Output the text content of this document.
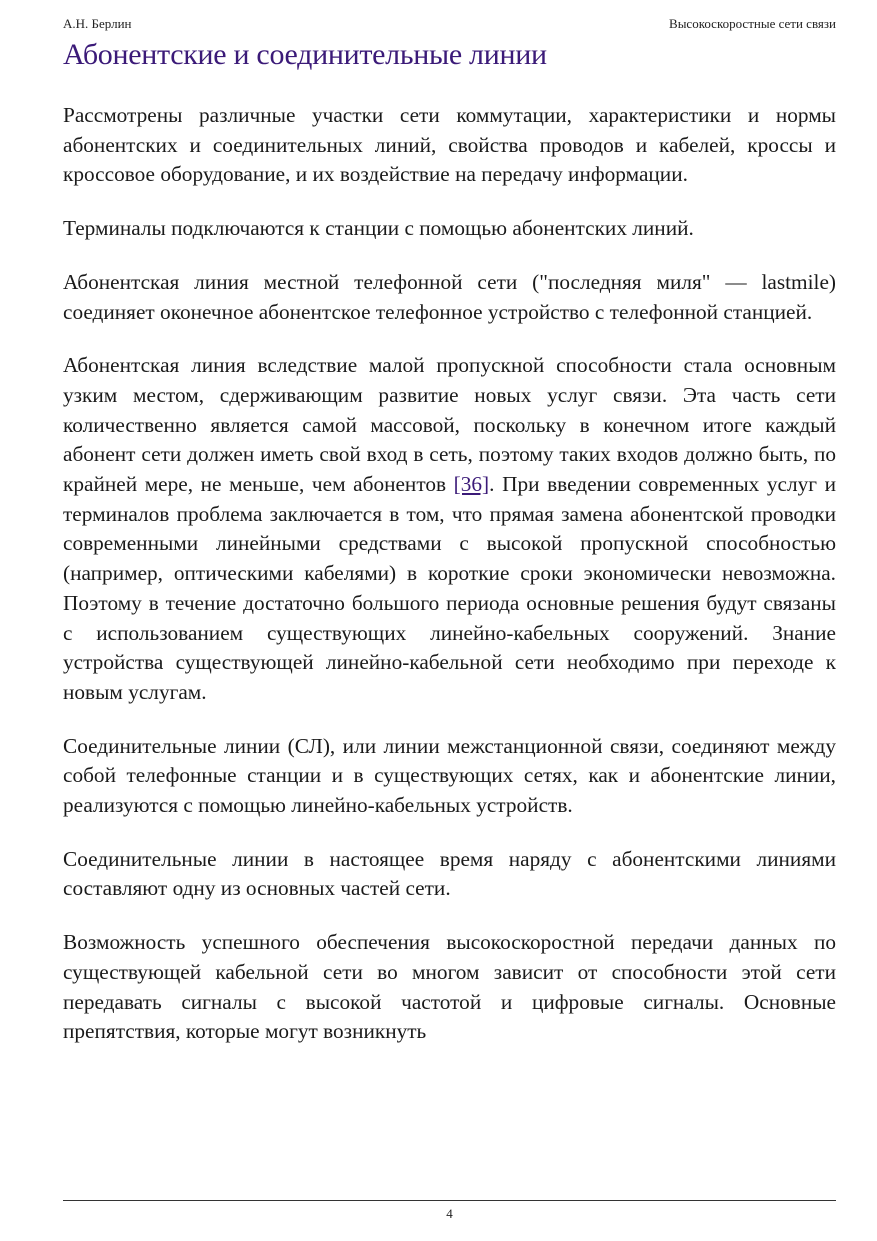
А.Н. Берлин	Высокоскоростные сети связи
Абонентские и соединительные линии

Рассмотрены различные участки сети коммутации, характеристики и нормы абонентских и соединительных линий, свойства проводов и кабелей, кроссы и кроссовое оборудование, и их воздействие на передачу информации.

Терминалы подключаются к станции с помощью абонентских линий.

Абонентская линия местной телефонной сети ("последняя миля" — lastmile) соединяет оконечное абонентское телефонное устройство с телефонной станцией.

Абонентская линия вследствие малой пропускной способности стала основным узким местом, сдерживающим развитие новых услуг связи. Эта часть сети количественно является самой массовой, поскольку в конечном итоге каждый абонент сети должен иметь свой вход в сеть, поэтому таких входов должно быть, по крайней мере, не меньше, чем абонентов [36]. При введении современных услуг и терминалов проблема заключается в том, что прямая замена абонентской проводки современными линейными средствами с высокой пропускной способностью (например, оптическими кабелями) в короткие сроки экономически невозможна. Поэтому в течение достаточно большого периода основные решения будут связаны с использованием существующих линейно-кабельных сооружений. Знание устройства существующей линейно-кабельной сети необходимо при переходе к новым услугам.

Соединительные линии (СЛ), или линии межстанционной связи, соединяют между собой телефонные станции и в существующих сетях, как и абонентские линии, реализуются с помощью линейно-кабельных устройств.

Соединительные линии в настоящее время наряду с абонентскими линиями составляют одну из основных частей сети.

Возможность успешного обеспечения высокоскоростной передачи данных по существующей кабельной сети во многом зависит от способности этой сети передавать сигналы с высокой частотой и цифровые сигналы. Основные препятствия, которые могут возникнуть

4
